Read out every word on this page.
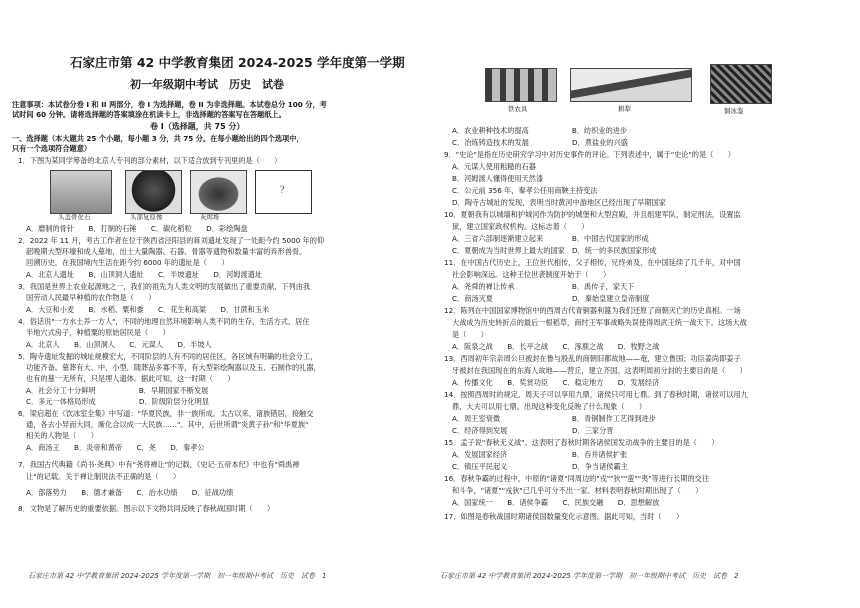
石家庄市第 42 中学教育集团 2024-2025 学年度第一学期
初一年级期中考试　历史　试卷
注意事项：本试卷分卷 I 和 II 两部分，卷 I 为选择题，卷 II 为非选择题。本试卷总分 100 分，考
试时间 60 分钟。请将选择题的答案填涂在机读卡上，非选择题的答案写在答题纸上。
卷 I（选择题，共 75 分）
一、选择题（本大题共 25 个小题，每小题 3 分，共 75 分。在每小题给出的四个选项中，
只有一个选项符合题意）
1．下图为某同学筹备的北京人专刊的部分素材，以下适合放到专刊里的是（　　）
头盖骨化石	头部复原像	灰烬堆
？
A．磨制的骨针　　B．打制的石锤　　C．碳化稻粒　　D．彩绘陶盘
2．2022 年 11 月，考古工作者在位于陕西省泾阳县的蒋刘遗址发现了一处距今约 5000 年的仰
韶晚期大型环壕和成人墓地，出土大量陶器、石器、骨器等遗物和数量丰富的弃形兽骨。
回溯历史，在我国境内生活在距今约 6000 年的遗址是（　　）
A．北京人遗址　　B．山顶洞人遗址　　C．半坡遗址　　D．河姆渡遗址
3．我国是世界上农业起源地之一，我们的祖先为人类文明的发展做出了重要贡献，下列由我
国劳动人民最早种植的农作物是（　　）
A．大豆和小麦　　B．水稻、粟和黍　　C．花生和高粱　　D．甘蔗和玉米
4．俗话说"一方水土养一方人"，不同的地理自然环境影响人类不同的生存、生活方式，居住
半地穴式房子，种植粟的原始居民是（　　）
A．北京人　　B．山顶洞人　　C．元谋人　　D．半坡人
5．陶寺遗址发掘的城址规模宏大，不同阶层的人有不同的居住区，各区域有明确的社会分工，
功能齐备。墓葬有大、中、小型，随葬品多寡不等，有大型彩绘陶器以及玉、石制作的礼器，
也有的墓一无所有，只是埋人遗体。据此可知，这一时期（　　）
A．社会分工十分鲜明　　　　　　B．早期国家不断发展
C．多元一体格局形成　　　　　　D．阶级阶层分化明显
6．梁启超在《饮冰室全集》中写道："华夏民族，非一族所成。太古以来，诸族错居，接触交
通，各去小异而大同，渐化合以成一大民族……"。其中，后世所谓"炎黄子孙"和"华夏族"
相关的人物是（　　）
A．商汤王　　B．炎帝和黄帝　　C．尧　　D．秦孝公
7．我国古代典籍《尚书·尧典》中有"尧将禅让"的记载，《史记·五帝本纪》中也有"舜禹禅
让"的记载。关于禅让制说法不正确的是（　　）
A．部落势力　　B．德才兼备　　C．治水功绩　　D．征战功绩
8．文物是了解历史的重要依据。图示以下文物共同反映了春秋战国时期（　　）
石家庄市第 42 中学教育集团 2024-2025 学年度第一学期　初一年级期中考试　历史　试卷　1
铁农具	耕犁	铜冰鉴
A．农业耕种技术的提高　　　　　　B．纺织业的进步
C．冶炼铸造技术的发展　　　　　　D．煮盐业的兴盛
9．"史论"是指在历史研究学习中对历史事件的评论。下列表述中，属于"史论"的是（　　）
A．元谋人使用粗糙的石器
B．河姆渡人懂得使用天然漆
C．公元前 356 年，秦孝公任用商鞅主持变法
D．陶寺古城址的发现，表明当时黄河中游地区已经出现了早期国家
10．夏朝我有以城墙和护城河作为防护的城堡和大型宫殿，并且组建军队，制定刑法，设置监
狱，建立国家政权机构。这标志着（　　）
A．三省六部制逐渐建立起来　　　　B．中国古代国家的形成
C．夏朝成为当时世界上最大的国家　D．统一的多民族国家形成
11．在中国古代历史上，王位世代相传，父子相传，兄终弟及，在中国延续了几千年，对中国
社会影响深远。这种王位世袭制度开始于（　　）
A．尧舜的禅让传承　　　　　　　　B．禹传子，家天下
C．商汤灭夏　　　　　　　　　　　D．秦始皇建立皇帝制度
12．陈列在中国国家博物馆中的西周古代青铜器利簋为我们还原了商朝灭亡的历史真相。一场
大战成为历史转折点的最后一根稻草，商纣王军事战略失误使得周武王统一战天下。这场大战
是（　　）
A．阪泉之战　　B．长平之战　　C．涿鹿之战　　D．牧野之战
13．西周初年宗亲周公旦被封在鲁与殷乱的商朝旧都故地——奄，建立鲁国；功臣姜尚即姜子
牙被封在我国现在的东海人故地——营丘，建立齐国。这表明周初分封的主要目的是（　　）
A．传播文化　　B．奖赏功臣　　C．稳定地方　　D．发展经济
14．按照西周时的规定，周天子可以享用九鼎，诸侯只可用七鼎。到了春秋时期，诸侯可以用九
鼎，大夫可以用七鼎。出现这种变化反映了什么现象（　　）
A．周王室衰微　　　　　　　　　　B．青铜制作工艺得到进步
C．经济得到发展　　　　　　　　　D．三家分晋
15．孟子说"春秋无义战"。这表明了春秋时期各诸侯国发动战争的主要目的是（　　）
A．发展国家经济　　　　　　　　　B．吞并诸侯扩张
C．镇压平民起义　　　　　　　　　D．争当诸侯霸主
16．春秋争霸的过程中，中原的"诸夏"同周边的"戎""狄""蛮""夷"等进行长期的交往
和斗争，"诸夏""戎狄"已几乎可分不出一家。材料表明春秋时期出现了（　　）
A．国家统一　　B．诸侯争霸　　C．民族交融　　D．思想解放
17．如图是春秋战国时期诸侯国数量变化示意图。据此可知，当时（　　）
石家庄市第 42 中学教育集团 2024-2025 学年度第一学期　初一年级期中考试　历史　试卷　2
